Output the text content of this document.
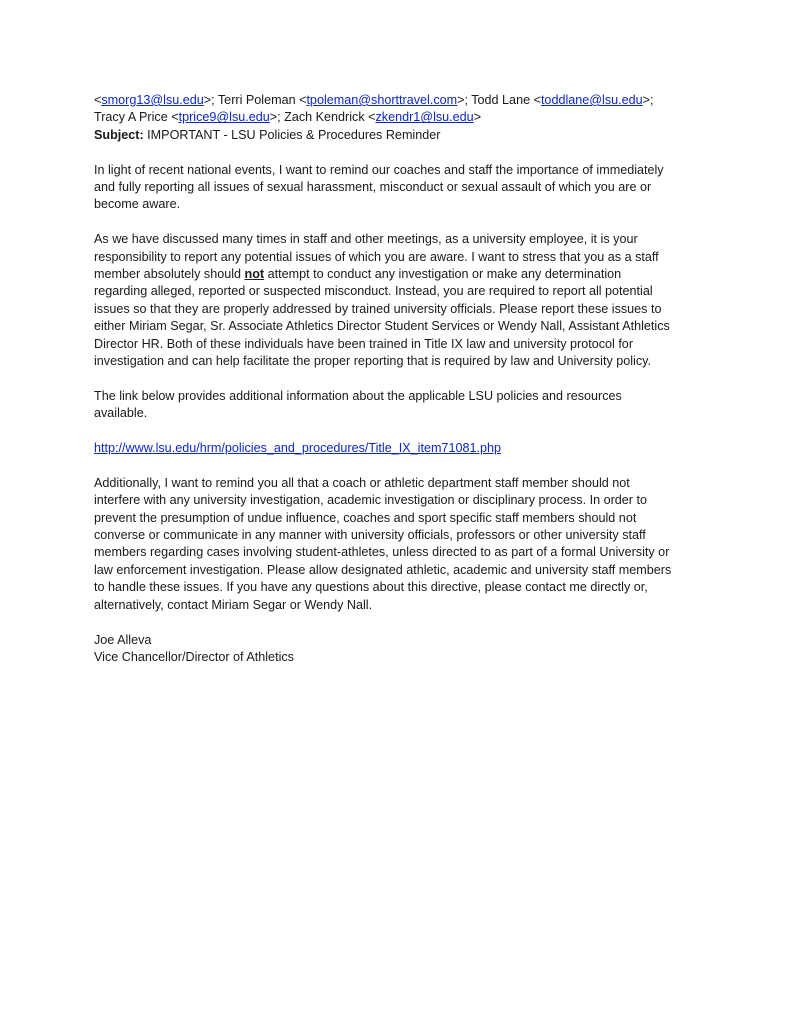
<smorg13@lsu.edu>; Terri Poleman <tpoleman@shorttravel.com>; Todd Lane <toddlane@lsu.edu>;
Tracy A Price <tprice9@lsu.edu>; Zach Kendrick <zkendr1@lsu.edu>
Subject: IMPORTANT - LSU Policies & Procedures Reminder
In light of recent national events, I want to remind our coaches and staff the importance of immediately
and fully reporting all issues of sexual harassment, misconduct or sexual assault of which you are or
become aware.
As we have discussed many times in staff and other meetings, as a university employee, it is your
responsibility to report any potential issues of which you are aware. I want to stress that you as a staff
member absolutely should not attempt to conduct any investigation or make any determination
regarding alleged, reported or suspected misconduct. Instead, you are required to report all potential
issues so that they are properly addressed by trained university officials. Please report these issues to
either Miriam Segar, Sr. Associate Athletics Director Student Services or Wendy Nall, Assistant Athletics
Director HR. Both of these individuals have been trained in Title IX law and university protocol for
investigation and can help facilitate the proper reporting that is required by law and University policy.
The link below provides additional information about the applicable LSU policies and resources
available.
http://www.lsu.edu/hrm/policies_and_procedures/Title_IX_item71081.php
Additionally, I want to remind you all that a coach or athletic department staff member should not
interfere with any university investigation, academic investigation or disciplinary process. In order to
prevent the presumption of undue influence, coaches and sport specific staff members should not
converse or communicate in any manner with university officials, professors or other university staff
members regarding cases involving student-athletes, unless directed to as part of a formal University or
law enforcement investigation. Please allow designated athletic, academic and university staff members
to handle these issues. If you have any questions about this directive, please contact me directly or,
alternatively, contact Miriam Segar or Wendy Nall.
Joe Alleva
Vice Chancellor/Director of Athletics
